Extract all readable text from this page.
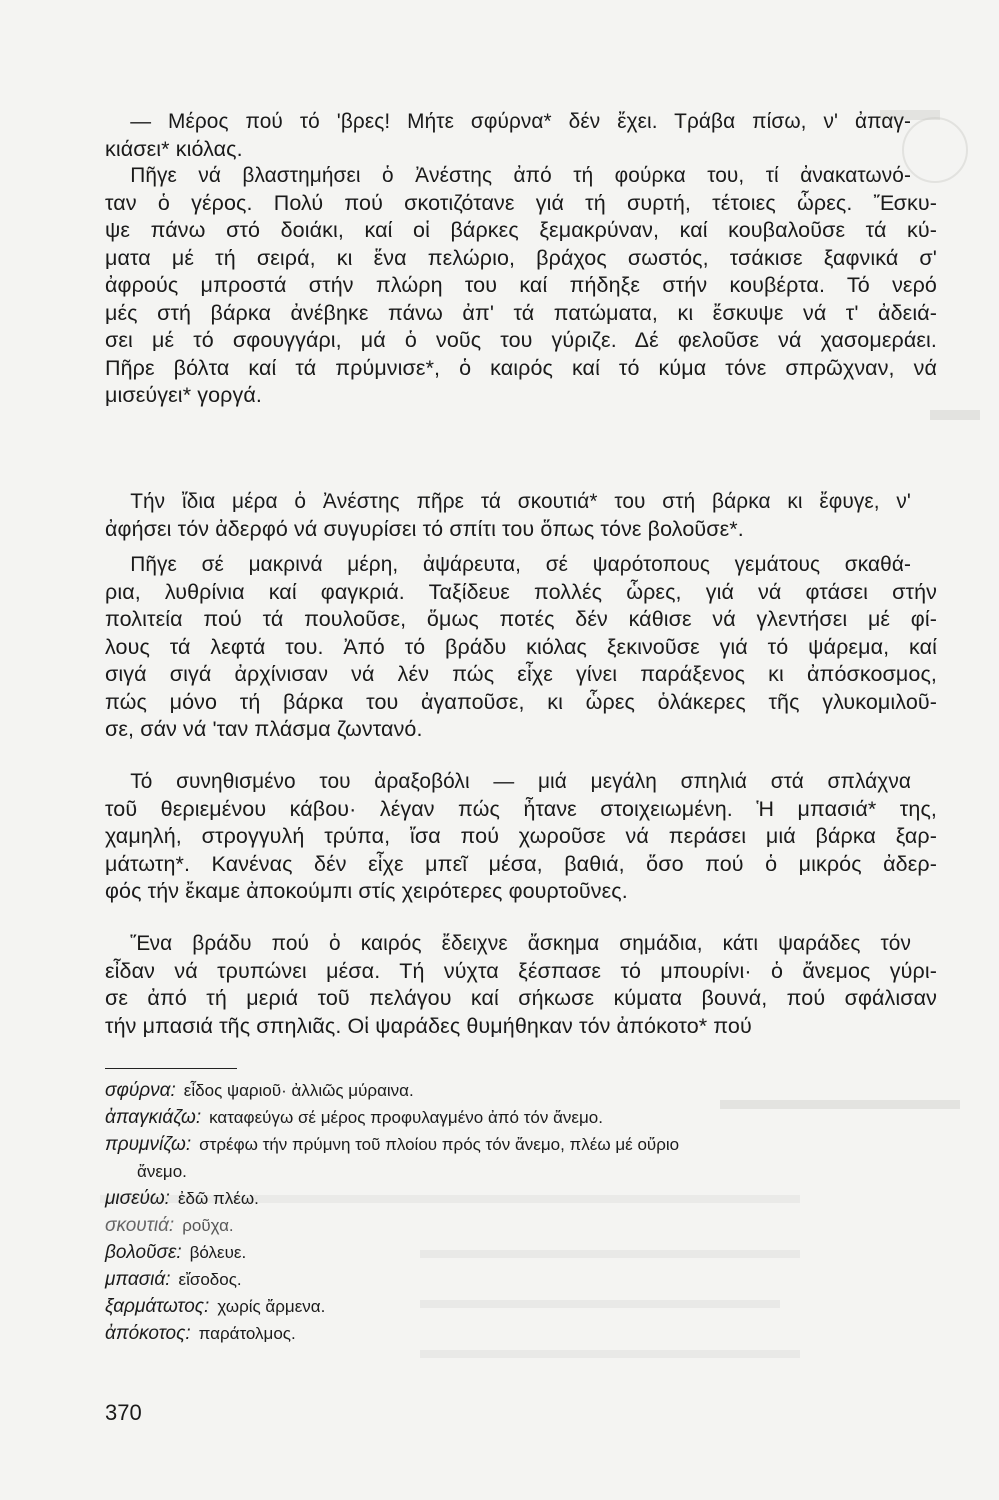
— Μέρος πού τό 'βρες! Μήτε σφύρνα* δέν ἔχει. Τράβα πίσω, ν' ἀπαγ-
κιάσει* κιόλας.
Πῆγε νά βλαστημήσει ὁ Ἀνέστης ἀπό τή φούρκα του, τί ἀνακατωνό-
ταν ὁ γέρος. Πολύ πού σκοτιζότανε γιά τή συρτή, τέτοιες ὧρες. Ἔσκυ-
ψε πάνω στό δοιάκι, καί οἱ βάρκες ξεμακρύναν, καί κουβαλοῦσε τά κύ-
ματα μέ τή σειρά, κι ἕνα πελώριο, βράχος σωστός, τσάκισε ξαφνικά σ'
ἀφρούς μπροστά στήν πλώρη του καί πήδηξε στήν κουβέρτα. Τό νερό
μές στή βάρκα ἀνέβηκε πάνω ἀπ' τά πατώματα, κι ἔσκυψε νά τ' ἀδειά-
σει μέ τό σφουγγάρι, μά ὁ νοῦς του γύριζε. Δέ φελοῦσε νά χασομεράει.
Πῆρε βόλτα καί τά πρύμνισε*, ὁ καιρός καί τό κύμα τόνε σπρῶχναν, νά
μισεύγει* γοργά.
Τήν ἴδια μέρα ὁ Ἀνέστης πῆρε τά σκουτιά* του στή βάρκα κι ἔφυγε, ν'
ἀφήσει τόν ἀδερφό νά συγυρίσει τό σπίτι του ὅπως τόνε βολοῦσε*.
Πῆγε σέ μακρινά μέρη, ἀψάρευτα, σέ ψαρότοπους γεμάτους σκαθά-
ρια, λυθρίνια καί φαγκριά. Ταξίδευε πολλές ὧρες, γιά νά φτάσει στήν
πολιτεία πού τά πουλοῦσε, ὅμως ποτές δέν κάθισε νά γλεντήσει μέ φί-
λους τά λεφτά του. Ἀπό τό βράδυ κιόλας ξεκινοῦσε γιά τό ψάρεμα, καί
σιγά σιγά ἀρχίνισαν νά λέν πώς εἶχε γίνει παράξενος κι ἀπόσκοσμος,
πώς μόνο τή βάρκα του ἀγαποῦσε, κι ὧρες ὁλάκερες τῆς γλυκομιλοῦ-
σε, σάν νά 'ταν πλάσμα ζωντανό.
Τό συνηθισμένο του ἀραξοβόλι — μιά μεγάλη σπηλιά στά σπλάχνα
τοῦ θεριεμένου κάβου· λέγαν πώς ἦτανε στοιχειωμένη. Ἡ μπασιά* της,
χαμηλή, στρογγυλή τρύπα, ἴσα πού χωροῦσε νά περάσει μιά βάρκα ξαρ-
μάτωτη*. Κανένας δέν εἶχε μπεῖ μέσα, βαθιά, ὅσο πού ὁ μικρός ἀδερ-
φός τήν ἔκαμε ἀποκούμπι στίς χειρότερες φουρτοῦνες.
Ἕνα βράδυ πού ὁ καιρός ἔδειχνε ἄσκημα σημάδια, κάτι ψαράδες τόν
εἶδαν νά τρυπώνει μέσα. Τή νύχτα ξέσπασε τό μπουρίνι· ὁ ἄνεμος γύρι-
σε ἀπό τή μεριά τοῦ πελάγου καί σήκωσε κύματα βουνά, πού σφάλισαν
τήν μπασιά τῆς σπηλιᾶς. Οἱ ψαράδες θυμήθηκαν τόν ἀπόκοτο* πού
σφύρνα: εἶδος ψαριοῦ· ἀλλιῶς μύραινα.
ἀπαγκιάζω: καταφεύγω σέ μέρος προφυλαγμένο ἀπό τόν ἄνεμο.
πρυμνίζω: στρέφω τήν πρύμνη τοῦ πλοίου πρός τόν ἄνεμο, πλέω μέ οὔριο
ἄνεμο.
μισεύω: ἐδῶ πλέω.
σκουτιά: ροῦχα.
βολοῦσε: βόλευε.
μπασιά: εἴσοδος.
ξαρμάτωτος: χωρίς ἄρμενα.
ἀπόκοτος: παράτολμος.
370
